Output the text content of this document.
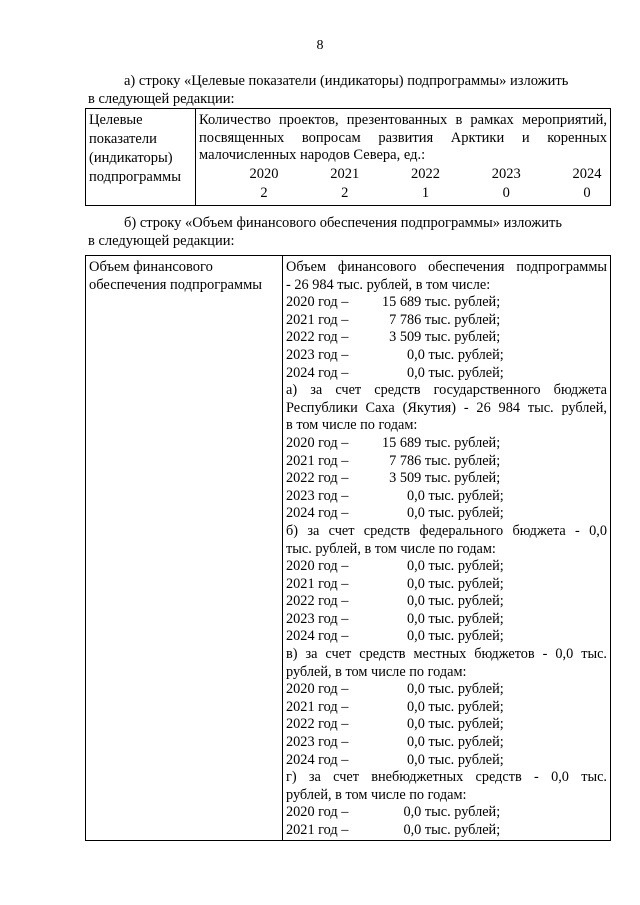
8
а) строку «Целевые показатели (индикаторы) подпрограммы» изложить
в следующей редакции:
Целевые
показатели
(индикаторы)
подпрограммы

Количество проектов, презентованных в рамках мероприятий,
посвященных вопросам развития Арктики и коренных
малочисленных народов Севера, ед.:
2020	2021	2022	2023	2024
2	2	1	0	0
б) строку «Объем финансового обеспечения подпрограммы» изложить
в следующей редакции:
Объем финансового
обеспечения подпрограммы

Объем финансового обеспечения подпрограммы
- 26 984 тыс. рублей, в том числе:
2020 год – 15 689 тыс. рублей;
2021 год –  7 786 тыс. рублей;
2022 год –  3 509 тыс. рублей;
2023 год –       0,0 тыс. рублей;
2024 год –       0,0 тыс. рублей;
а) за счет средств государственного бюджета
Республики Саха (Якутия) - 26 984 тыс. рублей,
в том числе по годам:
2020 год – 15 689 тыс. рублей;
2021 год –  7 786 тыс. рублей;
2022 год –  3 509 тыс. рублей;
2023 год –       0,0 тыс. рублей;
2024 год –       0,0 тыс. рублей;
б) за счет средств федерального бюджета - 0,0
тыс. рублей, в том числе по годам:
2020 год –       0,0 тыс. рублей;
2021 год –       0,0 тыс. рублей;
2022 год –       0,0 тыс. рублей;
2023 год –       0,0 тыс. рублей;
2024 год –       0,0 тыс. рублей;
в) за счет средств местных бюджетов - 0,0 тыс.
рублей, в том числе по годам:
2020 год –       0,0 тыс. рублей;
2021 год –       0,0 тыс. рублей;
2022 год –       0,0 тыс. рублей;
2023 год –       0,0 тыс. рублей;
2024 год –       0,0 тыс. рублей;
г) за счет внебюджетных средств - 0,0 тыс.
рублей, в том числе по годам:
2020 год –      0,0 тыс. рублей;
2021 год –      0,0 тыс. рублей;
